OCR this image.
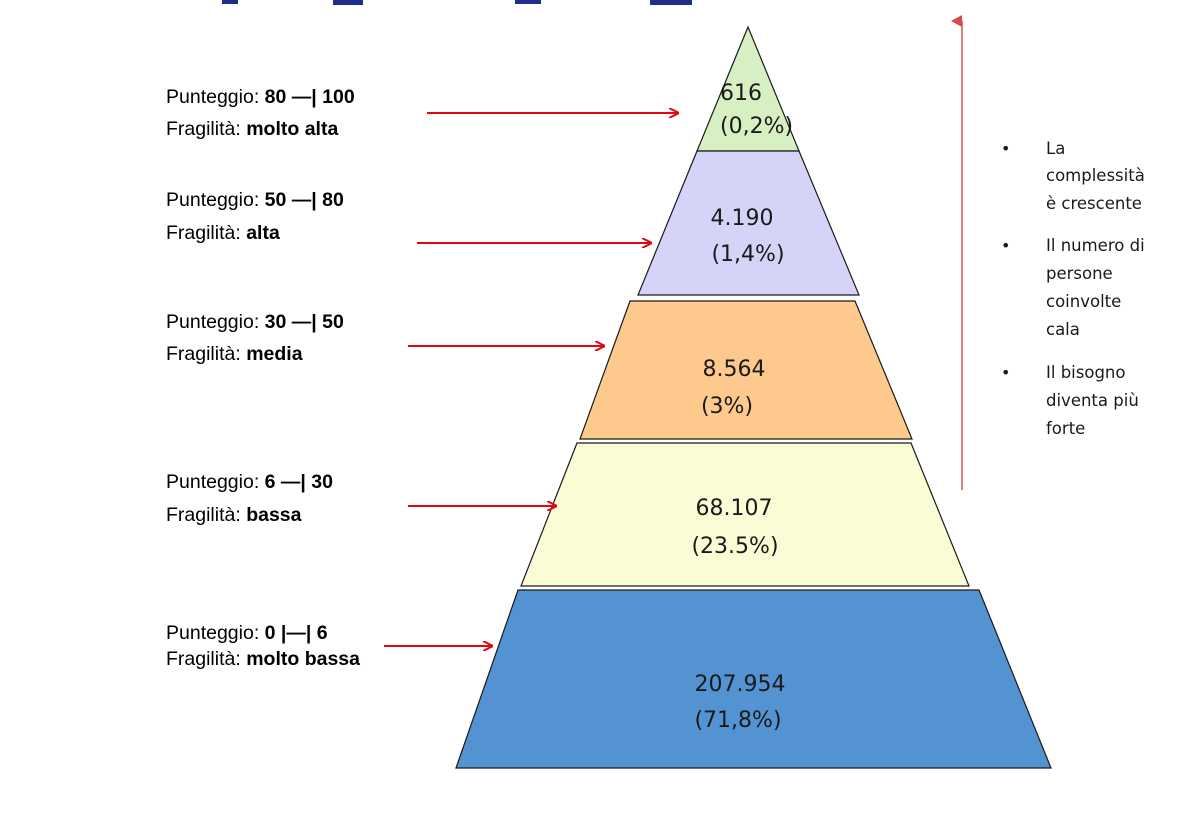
616
(0,2%)
4.190
(1,4%)
8.564
(3%)
68.107
(23.5%)
207.954
(71,8%)
Punteggio: 80 —| 100
Fragilità: molto alta
Punteggio: 50 —| 80
Fragilità: alta
Punteggio: 30 —| 50
Fragilità: media
Punteggio: 6 —| 30
Fragilità: bassa
Punteggio: 0 |—| 6
Fragilità: molto bassa
• La
complessità
è crescente
• Il numero di
persone
coinvolte
cala
• Il bisogno
diventa più
forte
